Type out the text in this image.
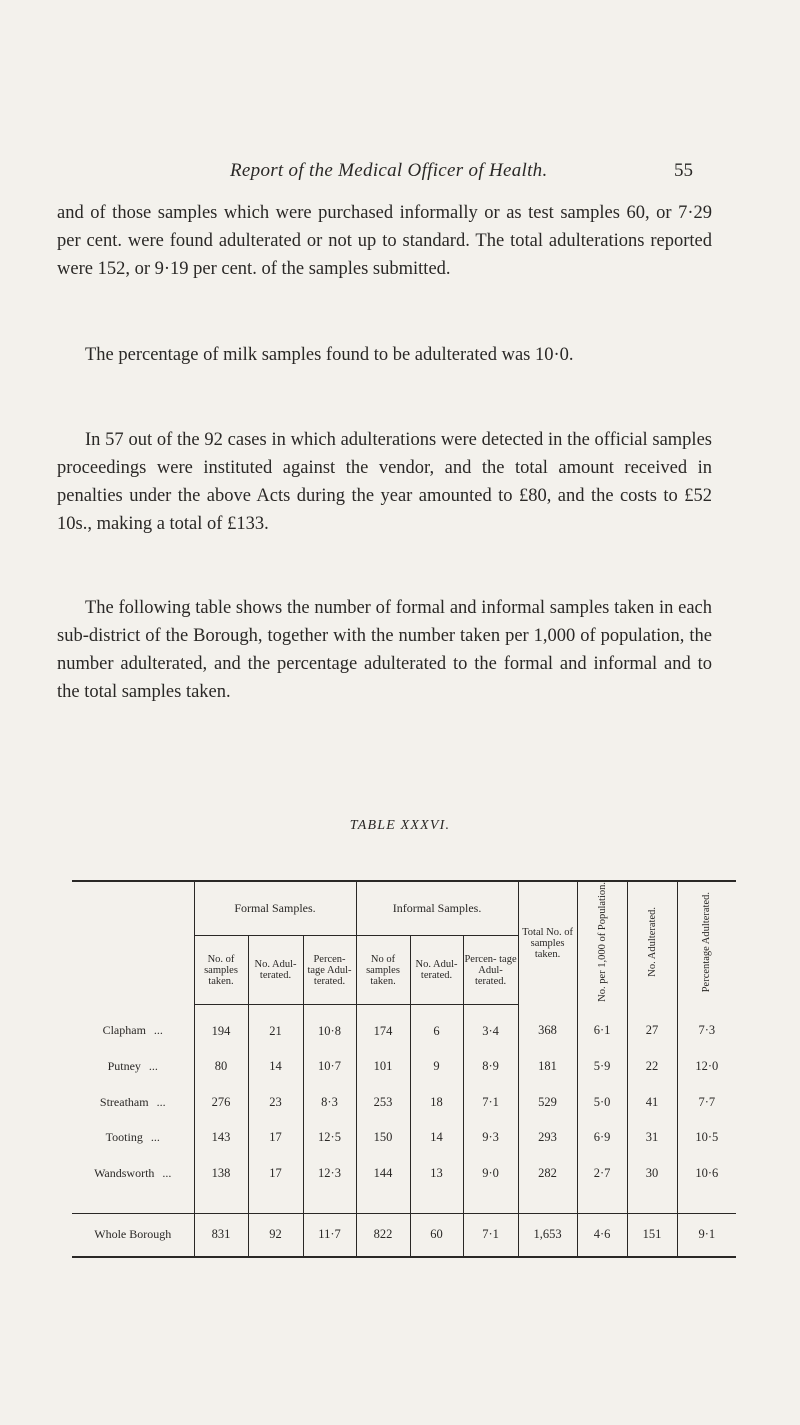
Report of the Medical Officer of Health.	55

and of those samples which were purchased informally or as test samples 60, or 7·29 per cent. were found adulterated or not up to standard. The total adulterations reported were 152, or 9·19 per cent. of the samples submitted.

The percentage of milk samples found to be adulterated was 10·0.

In 57 out of the 92 cases in which adulterations were detected in the official samples proceedings were instituted against the vendor, and the total amount received in penalties under the above Acts during the year amounted to £80, and the costs to £52 10s., making a total of £133.

The following table shows the number of formal and informal samples taken in each sub-district of the Borough, together with the number taken per 1,000 of population, the number adulterated, and the percentage adulterated to the formal and informal and to the total samples taken.

TABLE XXXVI.
	Formal Samples.			Informal Samples.			Total No. of samples taken.	No. per 1,000 of Population.	No. Adulterated.	Percentage Adulterated.
	No. of samples taken.	No. Adul- terated.	Percen- tage Adul- terated.	No of samples taken.	No. Adul- terated.	Percen- tage Adul- terated.				
Clapham ...	194	21	10·8	174	6	3·4	368	6·1	27	7·3
Putney ...	80	14	10·7	101	9	8·9	181	5·9	22	12·0
Streatham ...	276	23	8·3	253	18	7·1	529	5·0	41	7·7
Tooting ...	143	17	12·5	150	14	9·3	293	6·9	31	10·5
Wandsworth ...	138	17	12·3	144	13	9·0	282	2·7	30	10·6

Whole Borough	831	92	11·7	822	60	7·1	1,653	4·6	151	9·1
